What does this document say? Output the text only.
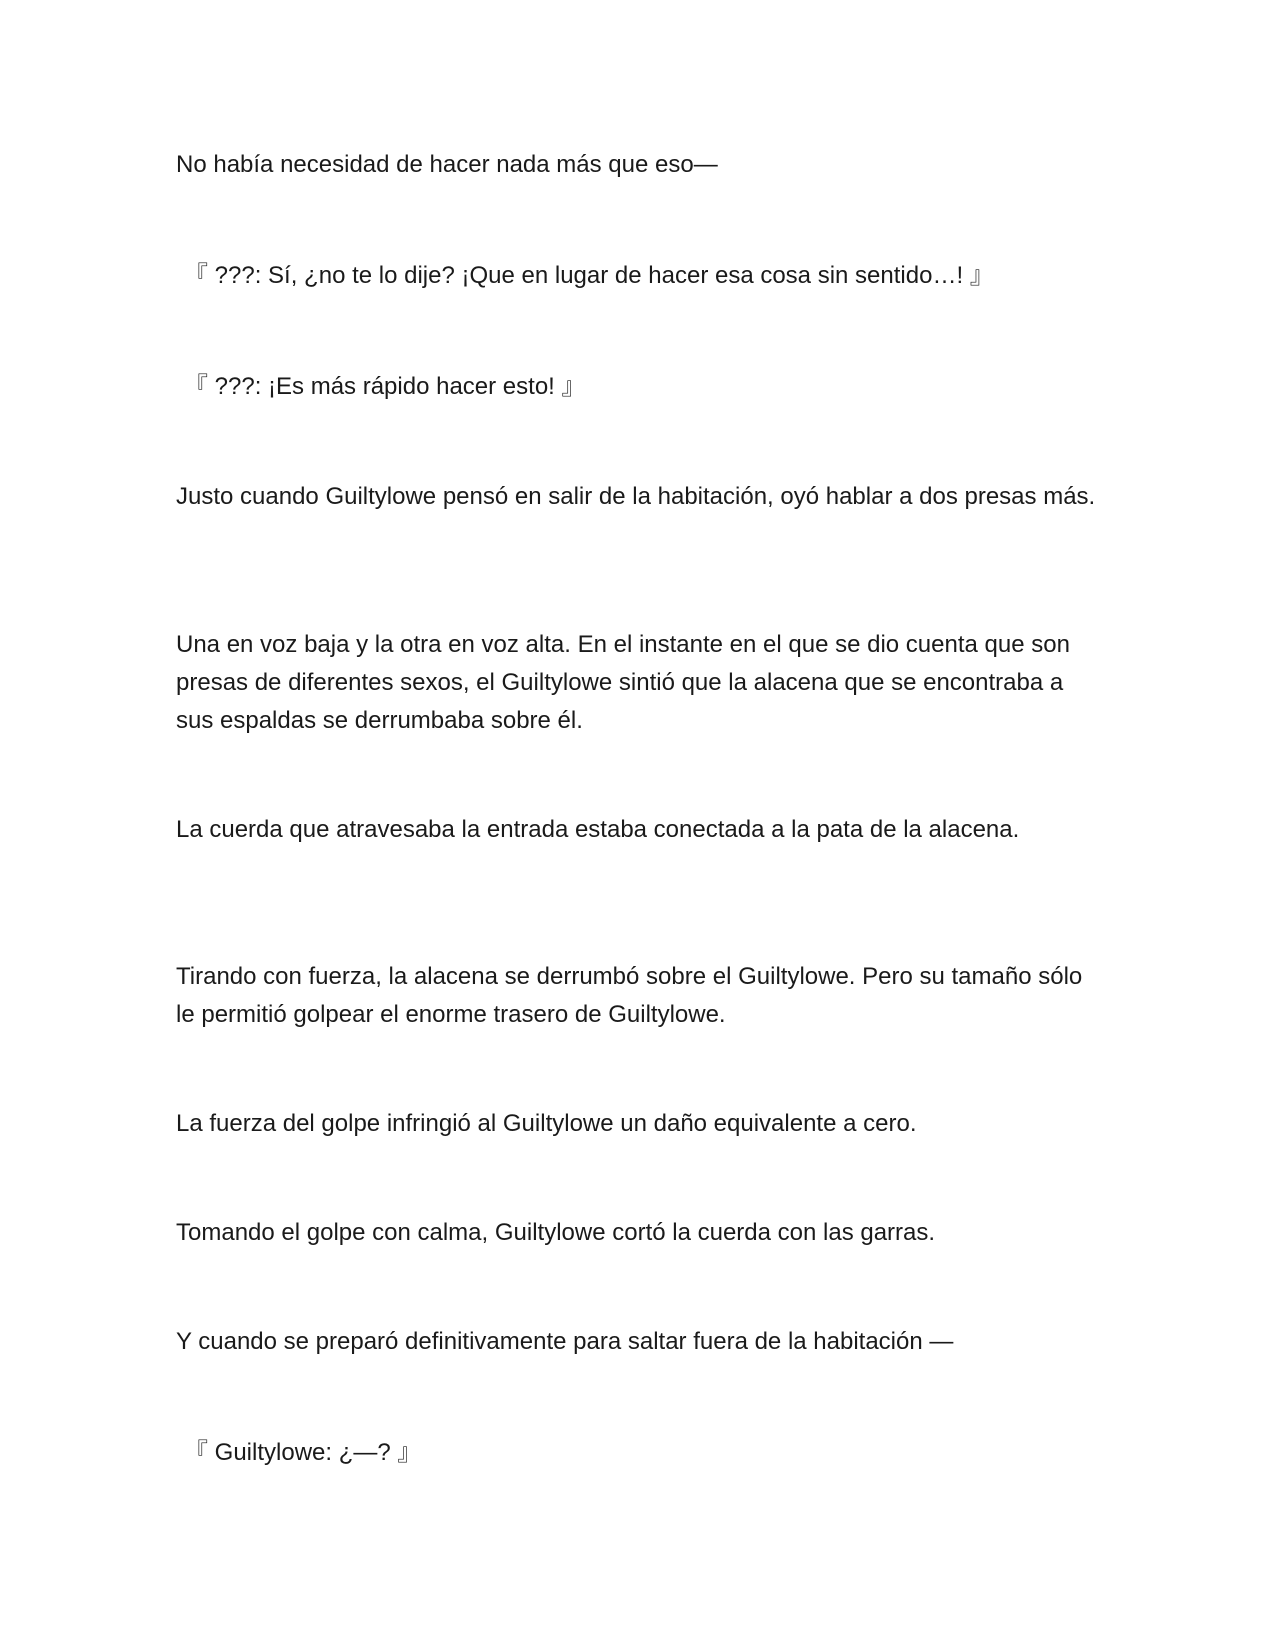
No había necesidad de hacer nada más que eso—

『 ???: Sí, ¿no te lo dije? ¡Que en lugar de hacer esa cosa sin sentido…! 』

『 ???: ¡Es más rápido hacer esto! 』

Justo cuando Guiltylowe pensó en salir de la habitación, oyó hablar a dos presas más.

Una en voz baja y la otra en voz alta. En el instante en el que se dio cuenta que son presas de diferentes sexos, el Guiltylowe sintió que la alacena que se encontraba a sus espaldas se derrumbaba sobre él.

La cuerda que atravesaba la entrada estaba conectada a la pata de la alacena.

Tirando con fuerza, la alacena se derrumbó sobre el Guiltylowe. Pero su tamaño sólo le permitió golpear el enorme trasero de Guiltylowe.

La fuerza del golpe infringió al Guiltylowe un daño equivalente a cero.

Tomando el golpe con calma, Guiltylowe cortó la cuerda con las garras.

Y cuando se preparó definitivamente para saltar fuera de la habitación —

『 Guiltylowe: ¿—? 』
